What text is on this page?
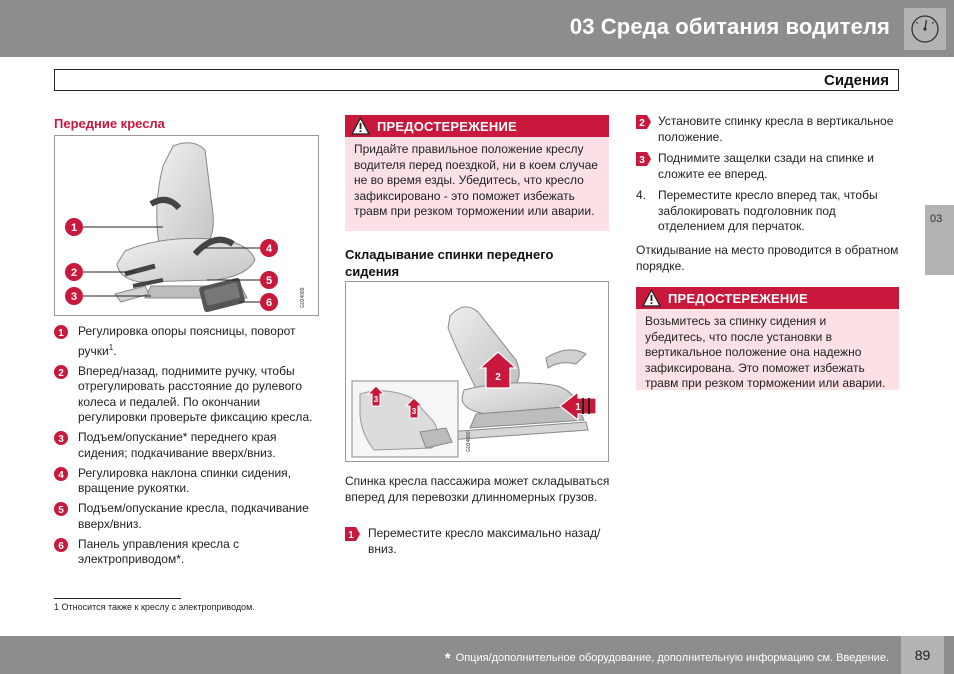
03 Среда обитания водителя
Сидения
03
Передние кресла
1
2
3
4
5
6	G034089
1 Регулировка опоры поясницы, поворот ручки$^1$.
2 Вперед/назад, поднимите ручку, чтобы отрегулировать расстояние до рулевого колеса и педалей. По окончании регулировки проверьте фиксацию кресла.
3 Подъем/опускание* переднего края сидения; подкачивание вверх/вниз.
4 Регулировка наклона спинки сидения, вращение рукоятки.
5 Подъем/опускание кресла, подкачивание вверх/вниз.
6 Панель управления кресла с электроприводом*.
1 Относится также к креслу с электроприводом.
ПРЕДОСТЕРЕЖЕНИЕ
Придайте правильное положение креслу водителя перед поездкой, ни в коем случае не во время езды. Убедитесь, что кресло зафиксировано - это поможет избежать травм при резком торможении или аварии.
Складывание спинки переднего сидения
2
1
3
3
G034090
Спинка кресла пассажира может складываться вперед для перевозки длинномерных грузов.
1 Переместите кресло максимально назад/вниз.
2 Установите спинку кресла в вертикальное положение.
3 Поднимите защелки сзади на спинке и сложите ее вперед.
4. Переместите кресло вперед так, чтобы заблокировать подголовник под отделением для перчаток.
Откидывание на место проводится в обратном порядке.
ПРЕДОСТЕРЕЖЕНИЕ
Возьмитесь за спинку сидения и убедитесь, что после установки в вертикальное положение она надежно зафиксирована. Это поможет избежать травм при резком торможении или аварии.
* Опция/дополнительное оборудование, дополнительную информацию см. Введение.	89
